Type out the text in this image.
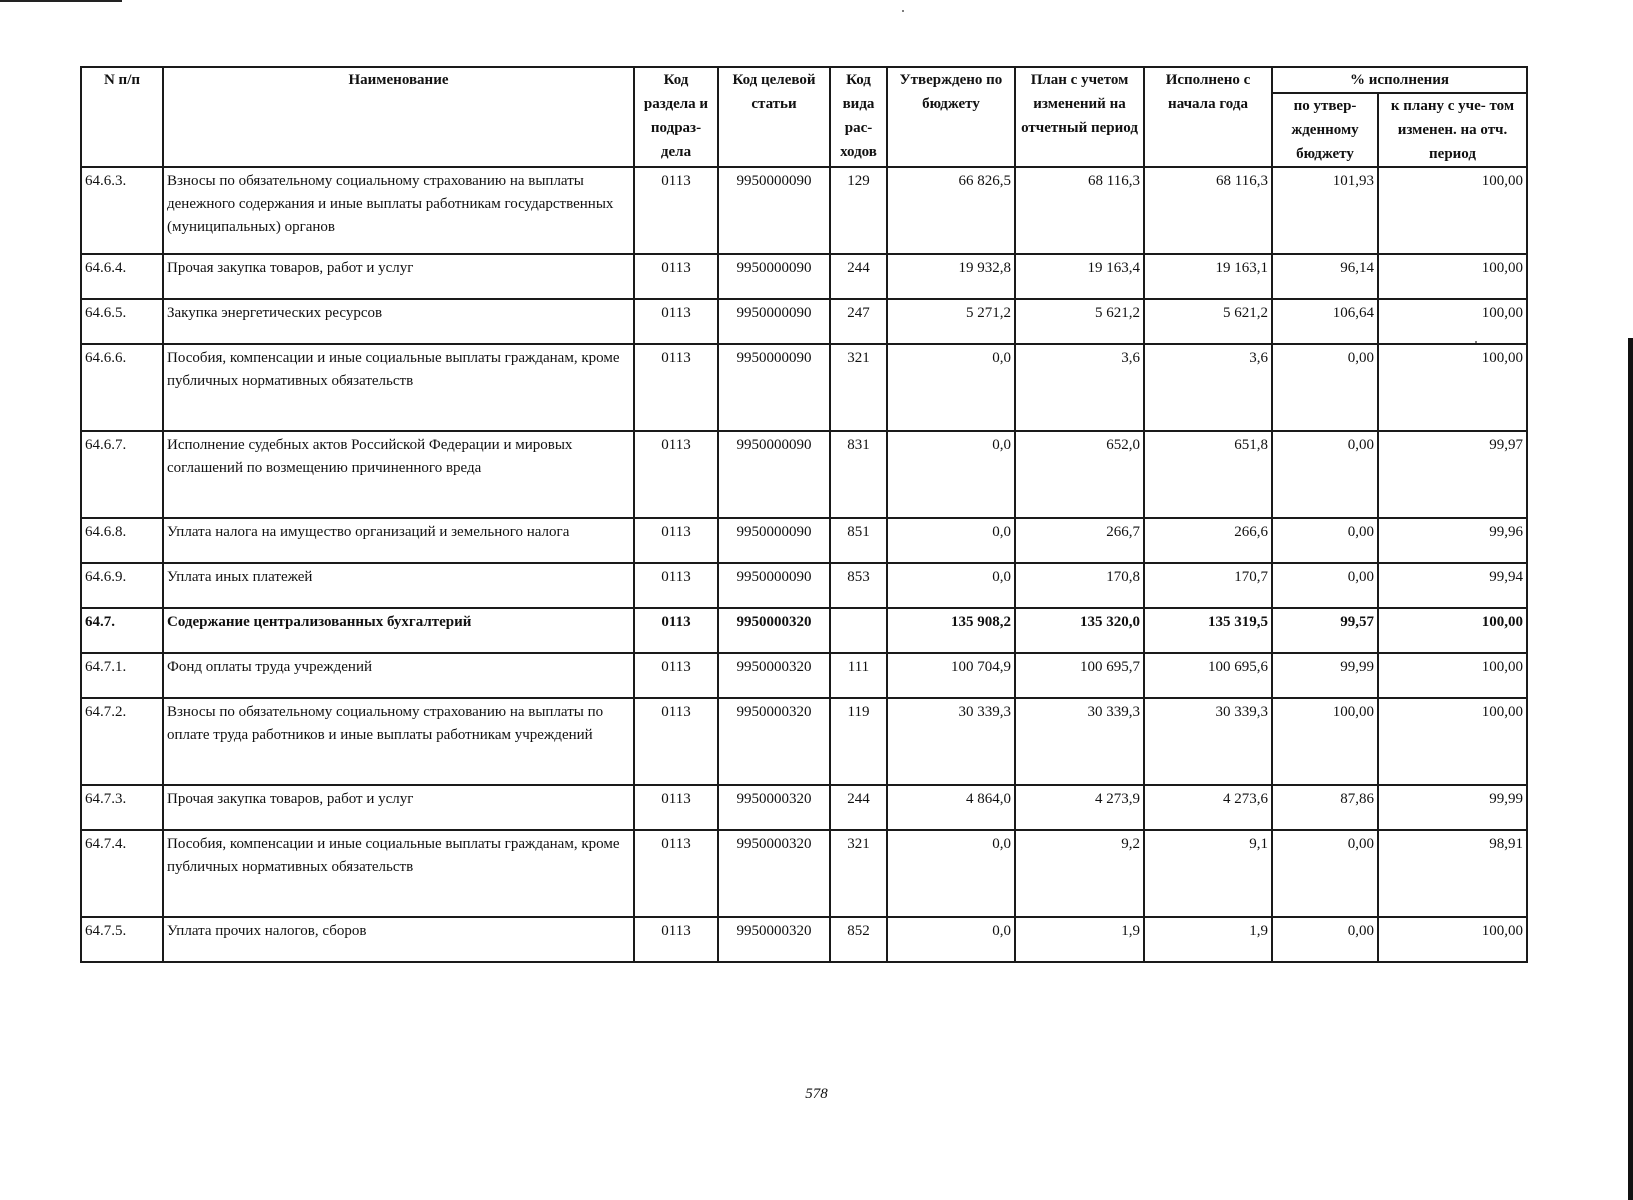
N п/п	Наименование	Код раздела и подраз- дела	Код целевой статьи	Код вида рас- ходов	Утверждено по бюджету	План с учетом изменений на отчетный период	Исполнено с начала года	% исполнения	
								по утвер- жденному бюджету	к плану с уче- том изменен. на отч. период
64.6.3.	Взносы по обязательному социальному страхованию на выплаты денежного содержания и иные выплаты работникам государственных (муниципальных) органов	0113	9950000090	129	66 826,5	68 116,3	68 116,3	101,93	100,00
64.6.4.	Прочая закупка товаров, работ и услуг	0113	9950000090	244	19 932,8	19 163,4	19 163,1	96,14	100,00
64.6.5.	Закупка энергетических ресурсов	0113	9950000090	247	5 271,2	5 621,2	5 621,2	106,64	100,00
64.6.6.	Пособия, компенсации и иные социальные выплаты гражданам, кроме публичных нормативных обязательств	0113	9950000090	321	0,0	3,6	3,6	0,00	100,00
64.6.7.	Исполнение судебных актов Российской Федерации и мировых соглашений по возмещению причиненного вреда	0113	9950000090	831	0,0	652,0	651,8	0,00	99,97
64.6.8.	Уплата налога на имущество организаций и земельного налога	0113	9950000090	851	0,0	266,7	266,6	0,00	99,96
64.6.9.	Уплата иных платежей	0113	9950000090	853	0,0	170,8	170,7	0,00	99,94
64.7.	Содержание централизованных бухгалтерий	0113	9950000320		135 908,2	135 320,0	135 319,5	99,57	100,00
64.7.1.	Фонд оплаты труда учреждений	0113	9950000320	111	100 704,9	100 695,7	100 695,6	99,99	100,00
64.7.2.	Взносы по обязательному социальному страхованию на выплаты по оплате труда работников и иные выплаты работникам учреждений	0113	9950000320	119	30 339,3	30 339,3	30 339,3	100,00	100,00
64.7.3.	Прочая закупка товаров, работ и услуг	0113	9950000320	244	4 864,0	4 273,9	4 273,6	87,86	99,99
64.7.4.	Пособия, компенсации и иные социальные выплаты гражданам, кроме публичных нормативных обязательств	0113	9950000320	321	0,0	9,2	9,1	0,00	98,91
64.7.5.	Уплата прочих налогов, сборов	0113	9950000320	852	0,0	1,9	1,9	0,00	100,00
578
